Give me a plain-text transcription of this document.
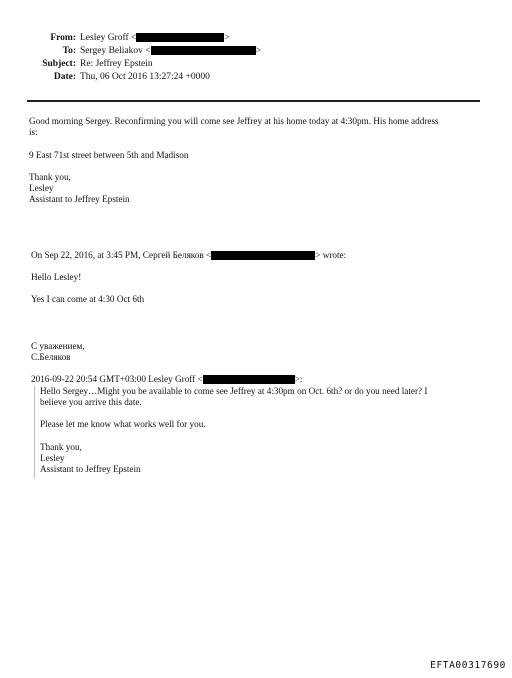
From: Lesley Groff <	>
To: Sergey Beliakov <	>
Subject: Re: Jeffrey Epstein
Date: Thu, 06 Oct 2016 13:27:24 +0000
Good morning Sergey. Reconfirming you will come see Jeffrey at his home today at 4:30pm. His home address
is:
9 East 71st street between 5th and Madison
Thank you,
Lesley
Assistant to Jeffrey Epstein
On Sep 22, 2016, at 3:45 PM, Сергей Беляков <	> wrote:
Hello Lesley!
Yes I can come at 4:30 Oct 6th
С уважением,
С.Беляков
2016-09-22 20:54 GMT+03:00 Lesley Groff <	>:
Hello Sergey…Might you be available to come see Jeffrey at 4:30pm on Oct. 6th? or do you need later? I
believe you arrive this date.
Please let me know what works well for you.
Thank you,
Lesley
Assistant to Jeffrey Epstein
EFTA00317690
